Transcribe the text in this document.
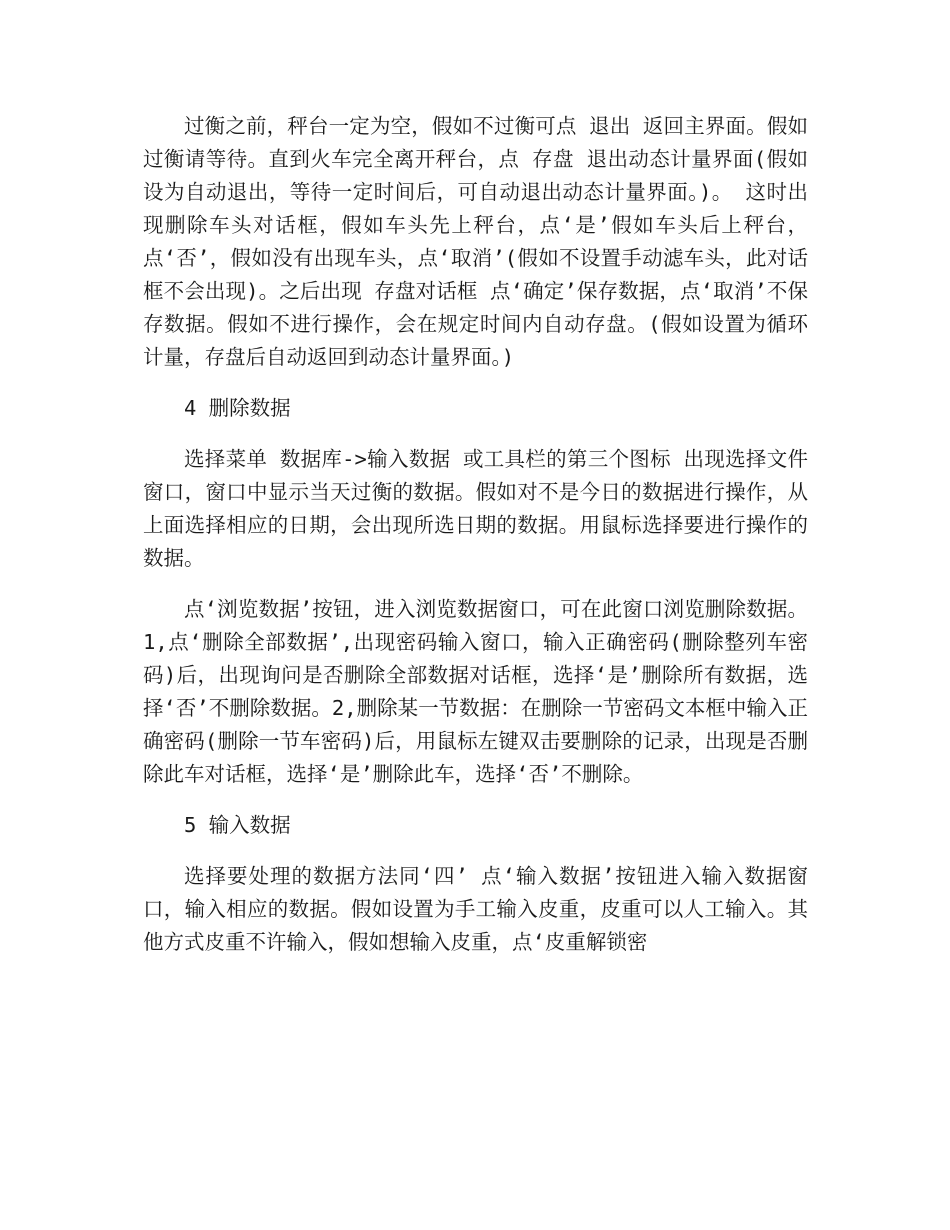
过衡之前，秤台一定为空，假如不过衡可点 退出 返回主界面。假如过衡请等待。直到火车完全离开秤台，点 存盘 退出动态计量界面(假如设为自动退出，等待一定时间后，可自动退出动态计量界面。)。 这时出现删除车头对话框，假如车头先上秤台，点‘是’假如车头后上秤台，点‘否’，假如没有出现车头，点‘取消’(假如不设置手动滤车头，此对话框不会出现)。之后出现 存盘对话框 点‘确定’保存数据，点‘取消’不保存数据。假如不进行操作，会在规定时间内自动存盘。(假如设置为循环计量，存盘后自动返回到动态计量界面。)

4 删除数据

选择菜单 数据库->输入数据 或工具栏的第三个图标 出现选择文件窗口，窗口中显示当天过衡的数据。假如对不是今日的数据进行操作，从上面选择相应的日期，会出现所选日期的数据。用鼠标选择要进行操作的数据。

点‘浏览数据’按钮，进入浏览数据窗口，可在此窗口浏览删除数据。1,点‘删除全部数据’,出现密码输入窗口，输入正确密码(删除整列车密码)后，出现询问是否删除全部数据对话框，选择‘是’删除所有数据，选择‘否’不删除数据。2,删除某一节数据：在删除一节密码文本框中输入正确密码(删除一节车密码)后，用鼠标左键双击要删除的记录，出现是否删除此车对话框，选择‘是’删除此车，选择‘否’不删除。

5 输入数据

选择要处理的数据方法同‘四’ 点‘输入数据’按钮进入输入数据窗口，输入相应的数据。假如设置为手工输入皮重，皮重可以人工输入。其他方式皮重不许输入，假如想输入皮重，点‘皮重解锁密
